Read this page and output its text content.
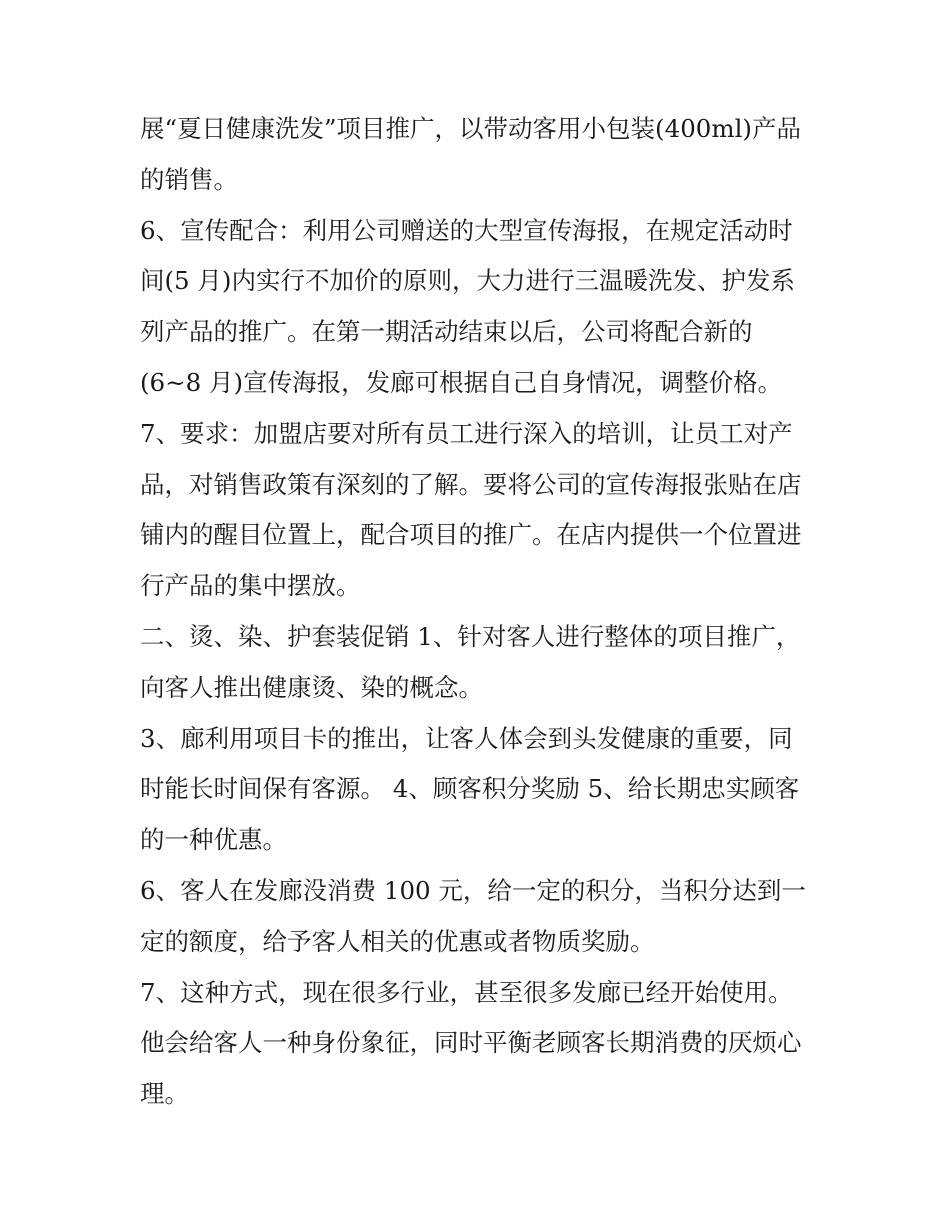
展“夏日健康洗发”项目推广，以带动客用小包装(400ml)产品
的销售。

6、宣传配合：利用公司赠送的大型宣传海报，在规定活动时
间(5 月)内实行不加价的原则，大力进行三温暖洗发、护发系
列产品的推广。在第一期活动结束以后，公司将配合新的
(6~8 月)宣传海报，发廊可根据自己自身情况，调整价格。

7、要求：加盟店要对所有员工进行深入的培训，让员工对产
品，对销售政策有深刻的了解。要将公司的宣传海报张贴在店
铺内的醒目位置上，配合项目的推广。在店内提供一个位置进
行产品的集中摆放。

二、烫、染、护套装促销 1、针对客人进行整体的项目推广，
向客人推出健康烫、染的概念。

3、廊利用项目卡的推出，让客人体会到头发健康的重要，同
时能长时间保有客源。 4、顾客积分奖励 5、给长期忠实顾客
的一种优惠。

6、客人在发廊没消费 100 元，给一定的积分，当积分达到一
定的额度，给予客人相关的优惠或者物质奖励。

7、这种方式，现在很多行业，甚至很多发廊已经开始使用。
他会给客人一种身份象征，同时平衡老顾客长期消费的厌烦心
理。
